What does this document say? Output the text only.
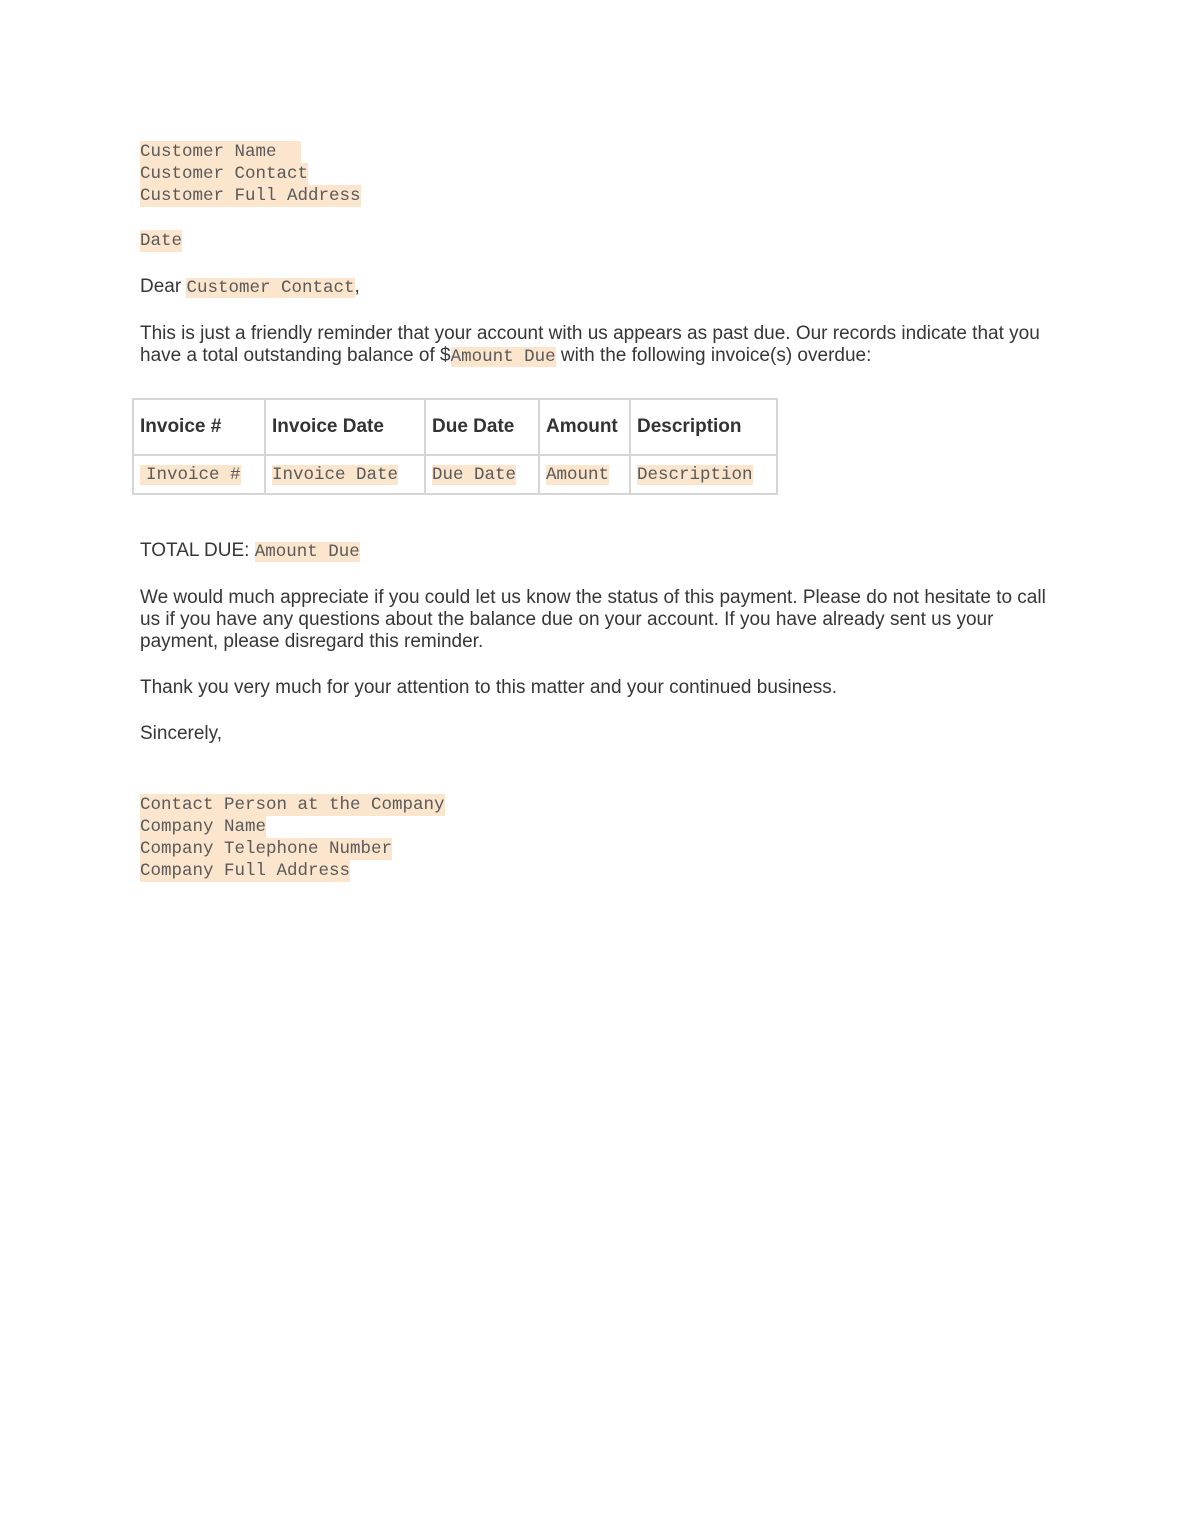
Customer Name
Customer Contact
Customer Full Address
Date
Dear Customer Contact,
This is just a friendly reminder that your account with us appears as past due. Our records indicate that you have a total outstanding balance of $Amount Due with the following invoice(s) overdue:
Invoice #	Invoice Date	Due Date	Amount	Description
Invoice #	Invoice Date	Due Date	Amount	Description
TOTAL DUE: Amount Due
We would much appreciate if you could let us know the status of this payment. Please do not hesitate to call us if you have any questions about the balance due on your account. If you have already sent us your payment, please disregard this reminder.
Thank you very much for your attention to this matter and your continued business.
Sincerely,
Contact Person at the Company
Company Name
Company Telephone Number
Company Full Address
